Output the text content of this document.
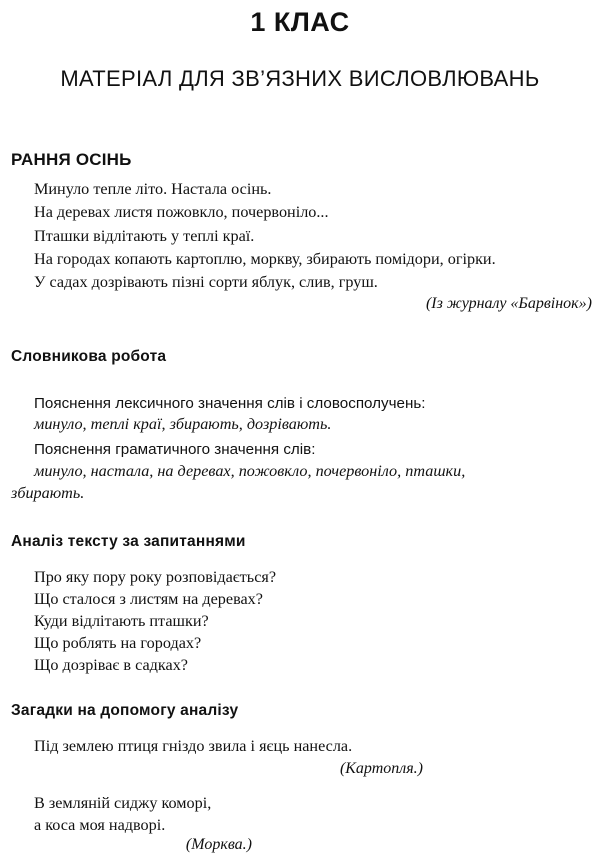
1 КЛАС
МАТЕРІАЛ ДЛЯ ЗВ’ЯЗНИХ ВИСЛОВЛЮВАНЬ
РАННЯ ОСІНЬ
Минуло тепле літо. Настала осінь.
На деревах листя пожовкло, почервоніло...
Пташки відлітають у теплі краї.
На городах копають картоплю, моркву, збирають помідори, огірки.
У садах дозрівають пізні сорти яблук, слив, груш.
(Із журналу «Барвінок»)
Словникова робота
Пояснення лексичного значення слів і словосполучень:
минуло, теплі краї, збирають, дозрівають.
Пояснення граматичного значення слів:
минуло, настала, на деревах, пожовкло, почервоніло, пташки,
збирають.
Аналіз тексту за запитаннями
Про яку пору року розповідається?
Що сталося з листям на деревах?
Куди відлітають пташки?
Що роблять на городах?
Що дозріває в садках?
Загадки на допомогу аналізу
Під землею птиця гніздо звила і яєць нанесла.
(Картопля.)
В земляній сиджу коморі,
а коса моя надворі.
(Морква.)
